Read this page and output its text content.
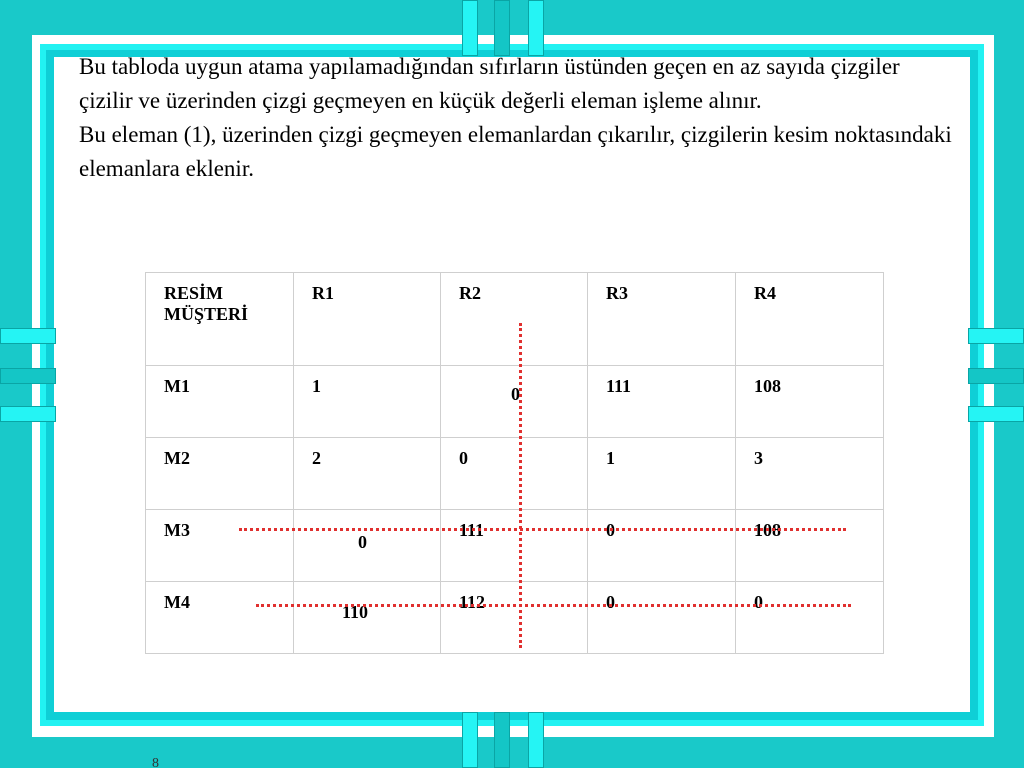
Bu tabloda uygun atama yapılamadığından sıfırların üstünden geçen en az sayıda çizgiler çizilir ve üzerinden çizgi geçmeyen en küçük değerli eleman işleme alınır.

Bu eleman (1), üzerinden çizgi geçmeyen elemanlardan çıkarılır, çizgilerin kesim noktasındaki elemanlara eklenir.

RESİM
MÜŞTERİ	R1	R2	R3	R4
M1	1	0	111	108
M2	2	0	1	3
M3	0	111	0	108
M4	110	112	0	0
8
